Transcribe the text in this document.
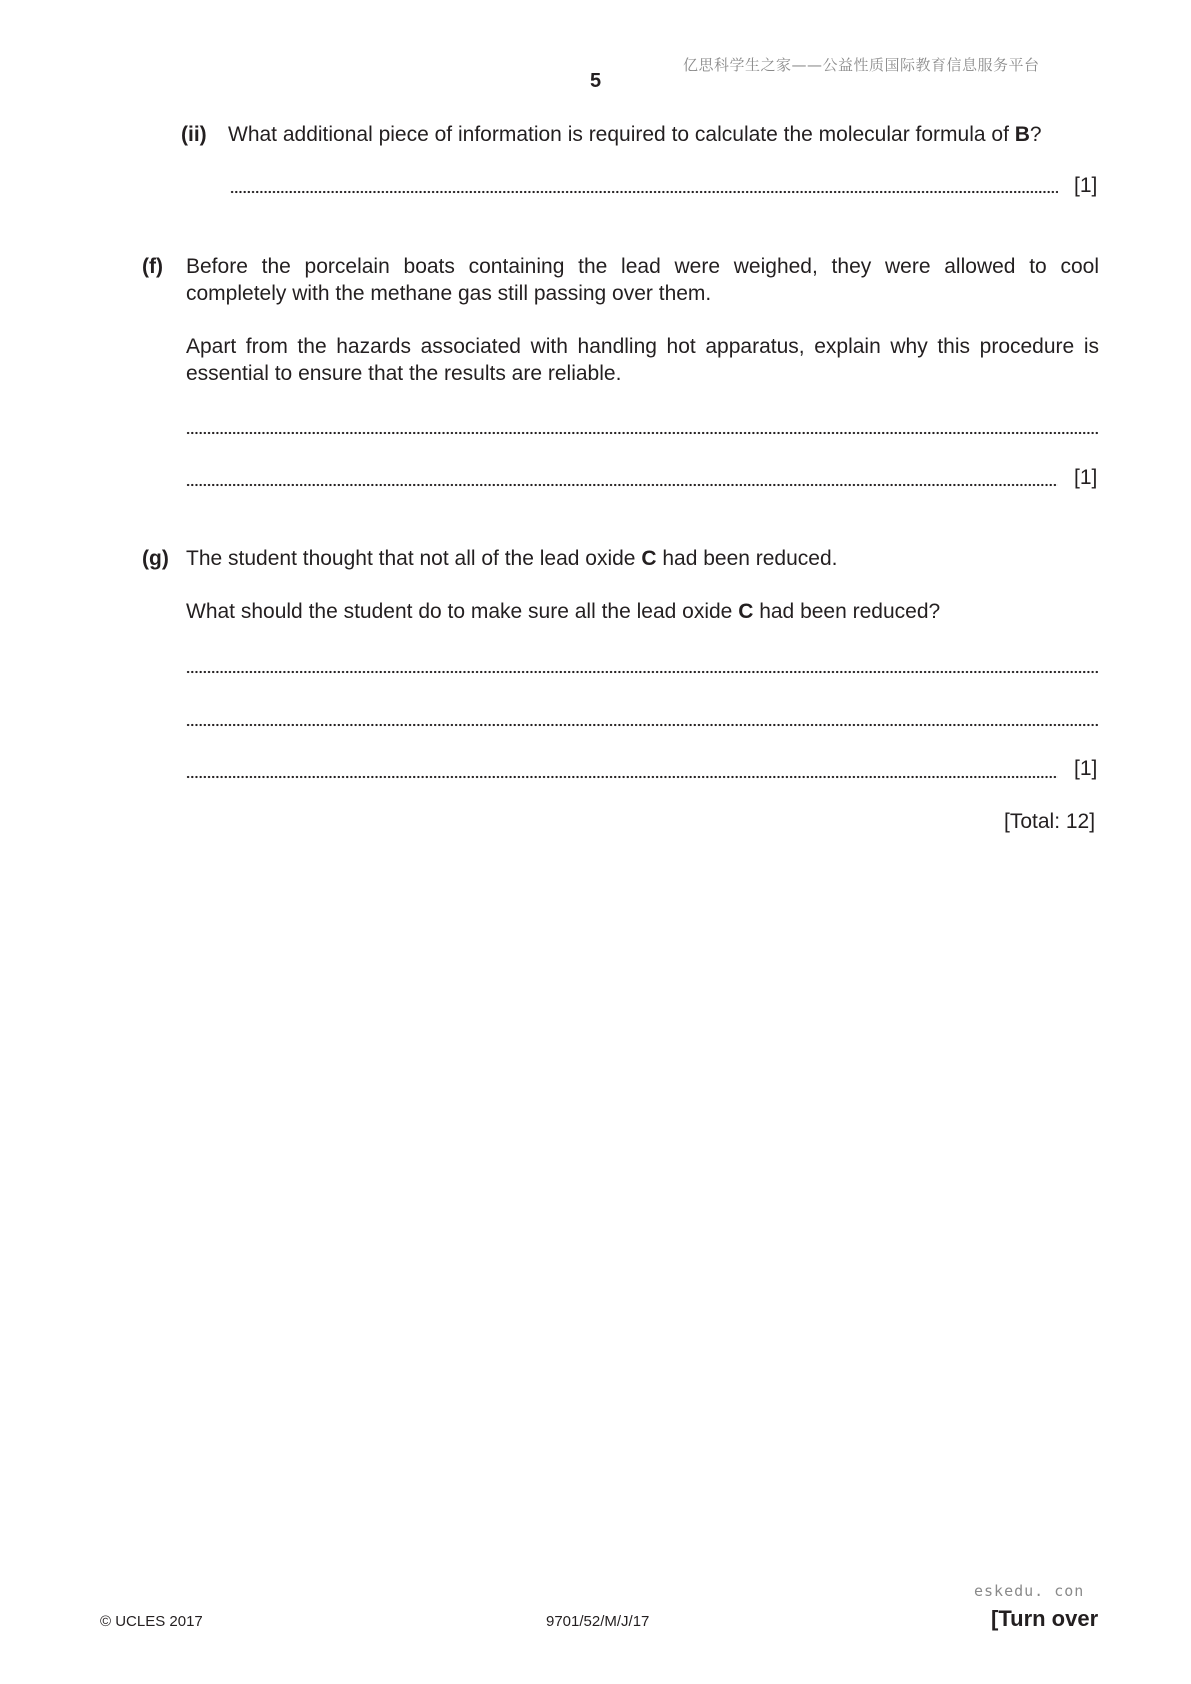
亿思科学生之家——公益性质国际教育信息服务平台
5
(ii) What additional piece of information is required to calculate the molecular formula of B?
[1]
(f) Before the porcelain boats containing the lead were weighed, they were allowed to cool completely with the methane gas still passing over them.
Apart from the hazards associated with handling hot apparatus, explain why this procedure is essential to ensure that the results are reliable.
[1]
(g) The student thought that not all of the lead oxide C had been reduced.
What should the student do to make sure all the lead oxide C had been reduced?
[1]
[Total: 12]
eskedu. con
© UCLES 2017	9701/52/M/J/17	[Turn over
